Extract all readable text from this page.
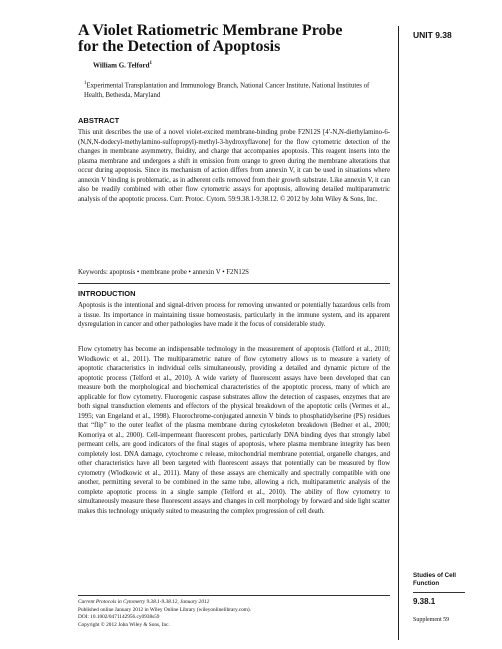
UNIT 9.38
A Violet Ratiometric Membrane Probe
for the Detection of Apoptosis
William G. Telford$^1$
$^1$Experimental Transplantation and Immunology Branch, National Cancer Institute, National Institutes of Health, Bethesda, Maryland
ABSTRACT
This unit describes the use of a novel violet-excited membrane-binding probe F2N12S [4′-N,N-diethylamino-6-(N,N,N-dodecyl-methylamino-sulfopropyl)-methyl-3-hydroxyflavone] for the flow cytometric detection of the changes in membrane asymmetry, fluidity, and charge that accompanies apoptosis. This reagent inserts into the plasma membrane and undergoes a shift in emission from orange to green during the membrane alterations that occur during apoptosis. Since its mechanism of action differs from annexin V, it can be used in situations where annexin V binding is problematic, as in adherent cells removed from their growth substrate. Like annexin V, it can also be readily combined with other flow cytometric assays for apoptosis, allowing detailed multiparametric analysis of the apoptotic process. Curr. Protoc. Cytom. 59:9.38.1-9.38.12. © 2012 by John Wiley & Sons, Inc.
Keywords: apoptosis • membrane probe • annexin V • F2N12S
INTRODUCTION
Apoptosis is the intentional and signal-driven process for removing unwanted or potentially hazardous cells from a tissue. Its importance in maintaining tissue homeostasis, particularly in the immune system, and its apparent dysregulation in cancer and other pathologies have made it the focus of considerable study.
Flow cytometry has become an indispensable technology in the measurement of apoptosis (Telford et al., 2010; Wlodkowic et al., 2011). The multiparametric nature of flow cytometry allows us to measure a variety of apoptotic characteristics in individual cells simultaneously, providing a detailed and dynamic picture of the apoptotic process (Telford et al., 2010). A wide variety of fluorescent assays have been developed that can measure both the morphological and biochemical characteristics of the apoptotic process, many of which are applicable for flow cytometry. Fluorogenic caspase substrates allow the detection of caspases, enzymes that are both signal transduction elements and effectors of the physical breakdown of the apoptotic cells (Vermes et al., 1995; van Engeland et al., 1998). Fluorochrome-conjugated annexin V binds to phosphatidylserine (PS) residues that “flip” to the outer leaflet of the plasma membrane during cytoskeleton breakdown (Bedner et al., 2000; Komoriya et al., 2000). Cell-impermeant fluorescent probes, particularly DNA binding dyes that strongly label permeant cells, are good indicators of the final stages of apoptosis, where plasma membrane integrity has been completely lost. DNA damage, cytochrome c release, mitochondrial membrane potential, organelle changes, and other characteristics have all been targeted with fluorescent assays that potentially can be measured by flow cytometry (Wlodkowic et al., 2011). Many of these assays are chemically and spectrally compatible with one another, permitting several to be combined in the same tube, allowing a rich, multiparametric analysis of the complete apoptotic process in a single sample (Telford et al., 2010). The ability of flow cytometry to simultaneously measure these fluorescent assays and changes in cell morphology by forward and side light scatter makes this technology uniquely suited to measuring the complex progression of cell death.
Studies of Cell Function
9.38.1
Supplement 59
Current Protocols in Cytometry 9.38.1-9.38.12, January 2012
Published online January 2012 in Wiley Online Library (wileyonlinelibrary.com).
DOI: 10.1002/0471142956.cy0938s59
Copyright © 2012 John Wiley & Sons, Inc.
